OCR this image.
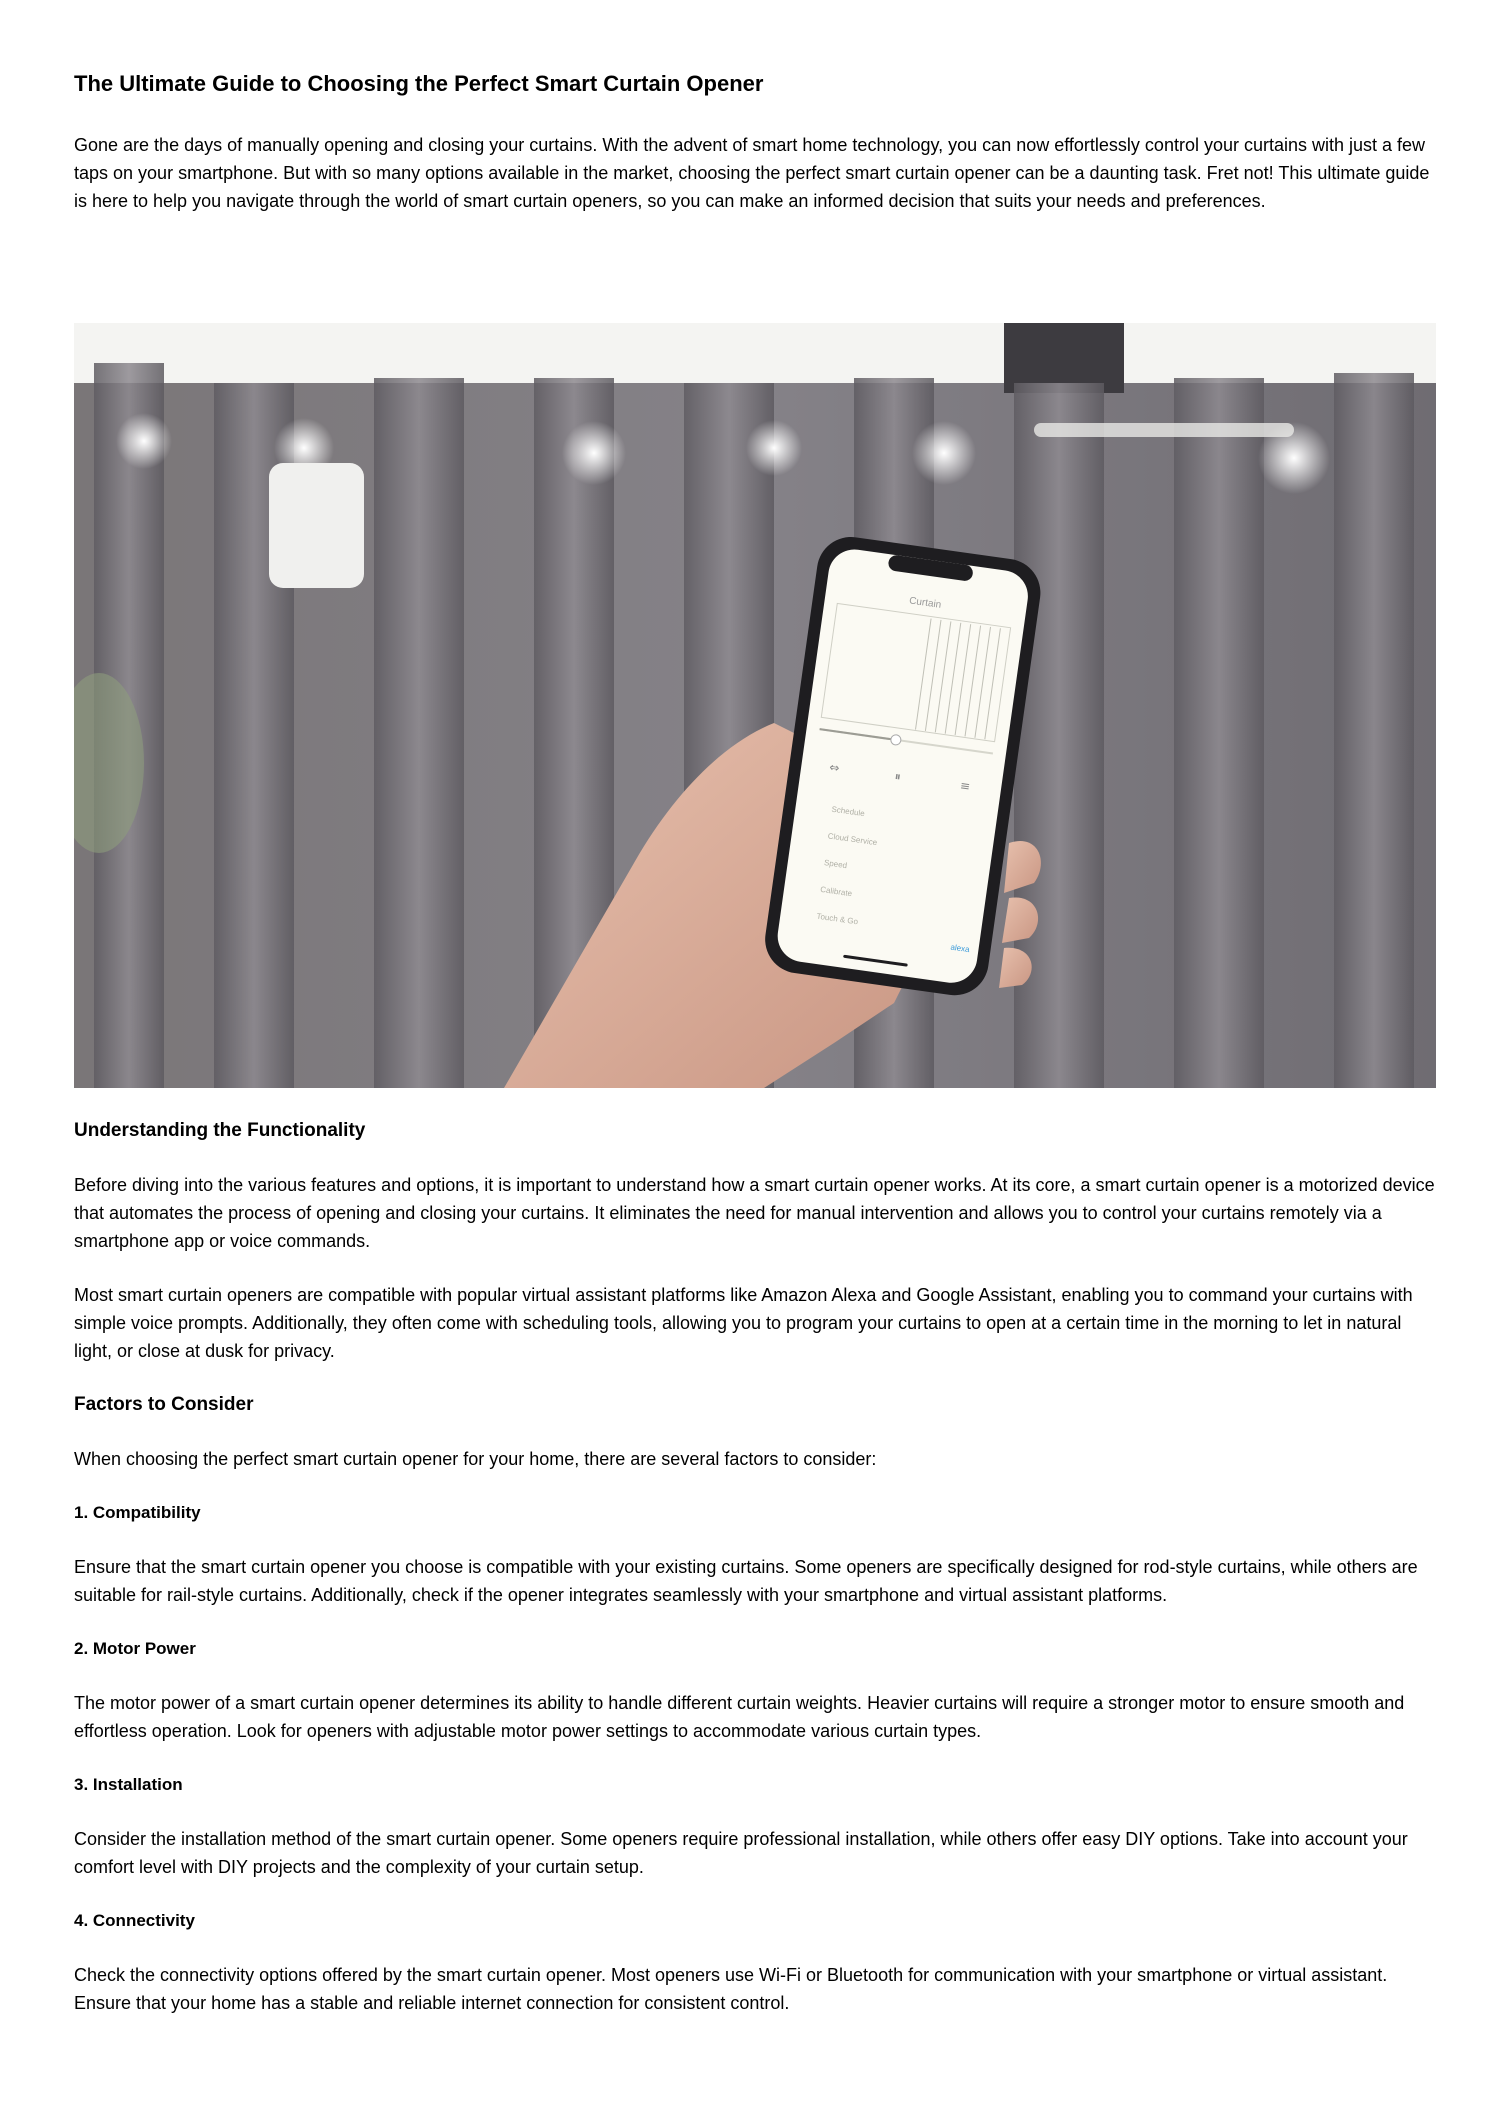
The Ultimate Guide to Choosing the Perfect Smart Curtain Opener

Gone are the days of manually opening and closing your curtains. With the advent of smart home technology, you can now effortlessly control your curtains with just a few taps on your smartphone. But with so many options available in the market, choosing the perfect smart curtain opener can be a daunting task. Fret not! This ultimate guide is here to help you navigate through the world of smart curtain openers, so you can make an informed decision that suits your needs and preferences.

Curtain
⇔
⏸
≡
Schedule
Cloud Service
Speed
Calibrate
Touch & Go
alexa
Understanding the Functionality

Before diving into the various features and options, it is important to understand how a smart curtain opener works. At its core, a smart curtain opener is a motorized device that automates the process of opening and closing your curtains. It eliminates the need for manual intervention and allows you to control your curtains remotely via a smartphone app or voice commands.

Most smart curtain openers are compatible with popular virtual assistant platforms like Amazon Alexa and Google Assistant, enabling you to command your curtains with simple voice prompts. Additionally, they often come with scheduling tools, allowing you to program your curtains to open at a certain time in the morning to let in natural light, or close at dusk for privacy.

Factors to Consider

When choosing the perfect smart curtain opener for your home, there are several factors to consider:

1. Compatibility

Ensure that the smart curtain opener you choose is compatible with your existing curtains. Some openers are specifically designed for rod-style curtains, while others are suitable for rail-style curtains. Additionally, check if the opener integrates seamlessly with your smartphone and virtual assistant platforms.

2. Motor Power

The motor power of a smart curtain opener determines its ability to handle different curtain weights. Heavier curtains will require a stronger motor to ensure smooth and effortless operation. Look for openers with adjustable motor power settings to accommodate various curtain types.

3. Installation

Consider the installation method of the smart curtain opener. Some openers require professional installation, while others offer easy DIY options. Take into account your comfort level with DIY projects and the complexity of your curtain setup.

4. Connectivity

Check the connectivity options offered by the smart curtain opener. Most openers use Wi-Fi or Bluetooth for communication with your smartphone or virtual assistant. Ensure that your home has a stable and reliable internet connection for consistent control.
